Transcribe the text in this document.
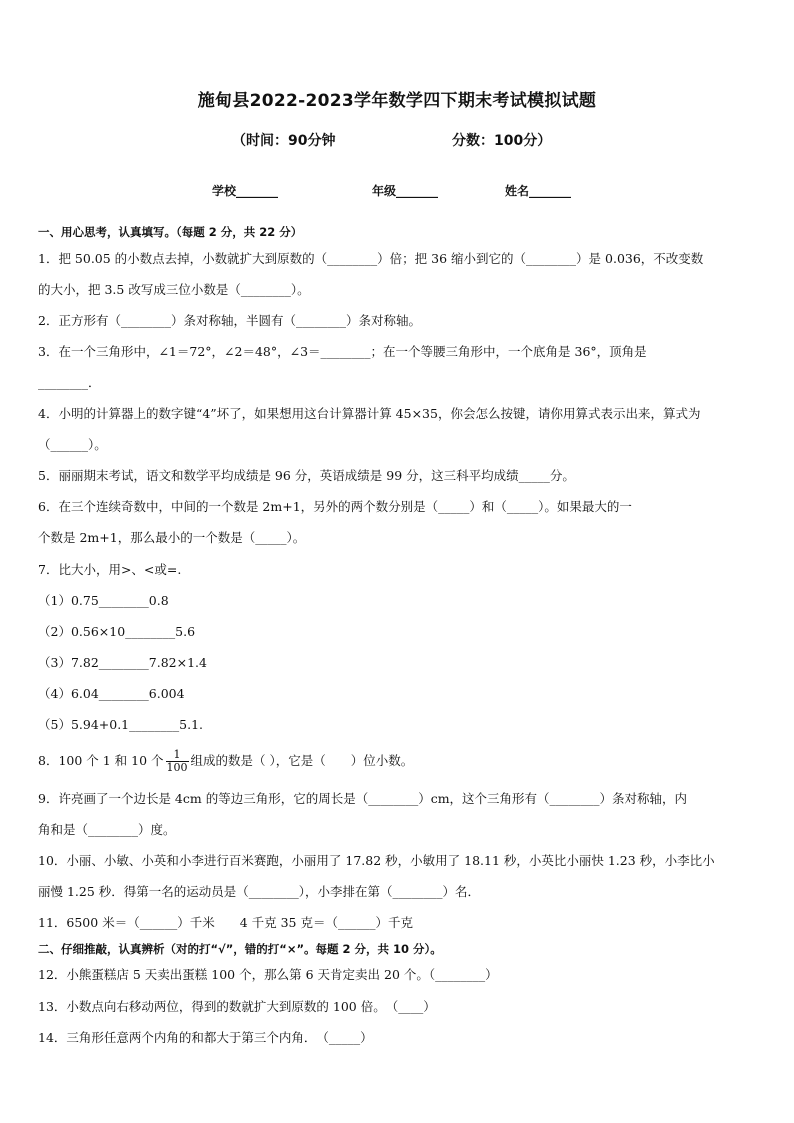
施甸县2022-2023学年数学四下期末考试模拟试题
（时间：90分钟	分数：100分）
学校_______	年级_______	姓名_______
一、用心思考，认真填写。（每题 2 分，共 22 分）
1．把 50.05 的小数点去掉，小数就扩大到原数的（________）倍；把 36 缩小到它的（________）是 0.036，不改变数
的大小，把 3.5 改写成三位小数是（________）。
2．正方形有（________）条对称轴，半圆有（________）条对称轴。
3．在一个三角形中，∠1＝72°，∠2＝48°，∠3＝________；在一个等腰三角形中，一个底角是 36°，顶角是
________．
4．小明的计算器上的数字键“4”坏了，如果想用这台计算器计算 45×35，你会怎么按键，请你用算式表示出来，算式为
（______）。
5．丽丽期末考试，语文和数学平均成绩是 96 分，英语成绩是 99 分，这三科平均成绩_____分。
6．在三个连续奇数中，中间的一个数是 2m+1，另外的两个数分别是（_____）和（_____）。如果最大的一
个数是 2m+1，那么最小的一个数是（_____）。
7．比大小，用>、<或=.
（1）0.75________0.8
（2）0.56×10________5.6
（3）7.82________7.82×1.4
（4）6.04________6.004
（5）5.94+0.1________5.1.
8．100 个 1 和 10 个 $\frac{1}{100}$ 组成的数是（ ），它是（　　）位小数。
9．许亮画了一个边长是 4cm 的等边三角形，它的周长是（________）cm，这个三角形有（________）条对称轴，内
角和是（________）度。
10．小丽、小敏、小英和小李进行百米赛跑，小丽用了 17.82 秒，小敏用了 18.11 秒，小英比小丽快 1.23 秒，小李比小
丽慢 1.25 秒．得第一名的运动员是（________），小李排在第（________）名．
11．6500 米＝（______）千米　　4 千克 35 克＝（______）千克
二、仔细推敲，认真辨析（对的打“√”，错的打“×”。每题 2 分，共 10 分）。
12．小熊蛋糕店 5 天卖出蛋糕 100 个，那么第 6 天肯定卖出 20 个。（________）
13．小数点向右移动两位，得到的数就扩大到原数的 100 倍。　（____）
14．三角形任意两个内角的和都大于第三个内角．　（_____）
